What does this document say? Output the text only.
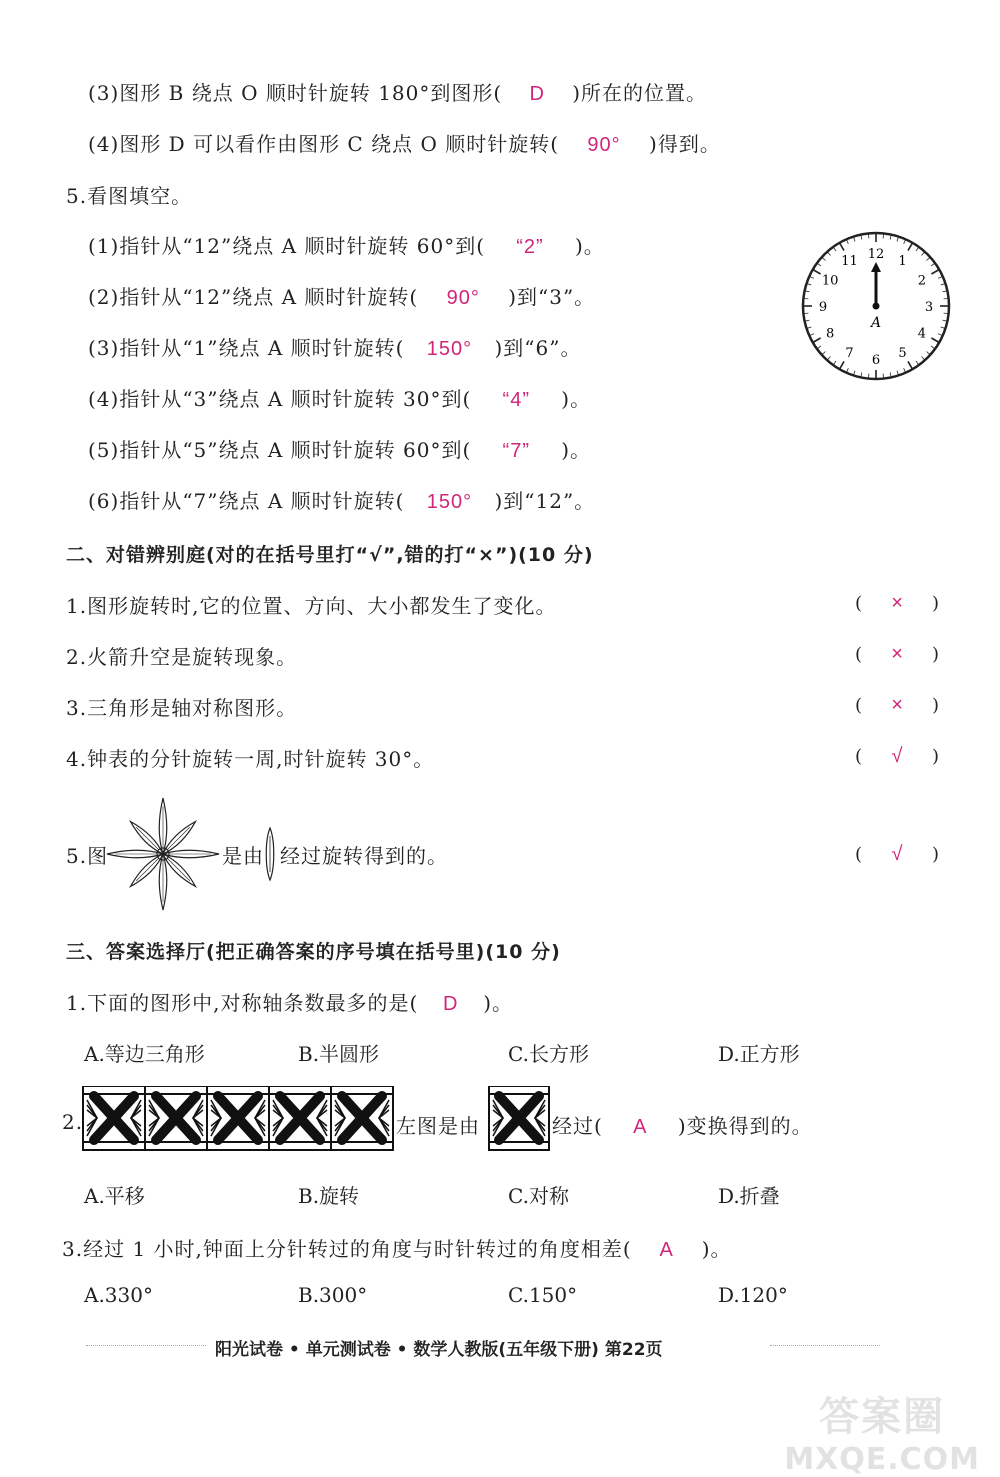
(3)图形 B 绕点 O 顺时针旋转 180°到图形( D )所在的位置。
(4)图形 D 可以看作由图形 C 绕点 O 顺时针旋转( 90° )得到。
5.看图填空。
(1)指针从“12”绕点 A 顺时针旋转 60°到( “2” )。
(2)指针从“12”绕点 A 顺时针旋转( 90° )到“3”。
(3)指针从“1”绕点 A 顺时针旋转( 150° )到“6”。
(4)指针从“3”绕点 A 顺时针旋转 30°到( “4” )。
(5)指针从“5”绕点 A 顺时针旋转 60°到( “7” )。
(6)指针从“7”绕点 A 顺时针旋转( 150° )到“12”。
12 1
2
3
4
5
6
7
8
9
10
11
A
二、对错辨别庭(对的在括号里打“√”,错的打“×”)(10 分)
1.图形旋转时,它的位置、方向、大小都发生了变化。	( × )
2.火箭升空是旋转现象。	( × )
3.三角形是轴对称图形。	( × )
4.钟表的分针旋转一周,时针旋转 30°。	( √ )
5.图	是由 经过旋转得到的。	( √ )
三、答案选择厅(把正确答案的序号填在括号里)(10 分)
1.下面的图形中,对称轴条数最多的是( D )。
A.等边三角形	B.半圆形	C.长方形	D.正方形
2.	左图是由	经过( A )变换得到的。
A.平移	B.旋转	C.对称	D.折叠
3.经过 1 小时,钟面上分针转过的角度与时针转过的角度相差( A )。
A.330°	B.300°	C.150°	D.120°
阳光试卷 • 单元测试卷 • 数学人教版(五年级下册) 第22页
答案圈
MXQE.COM
